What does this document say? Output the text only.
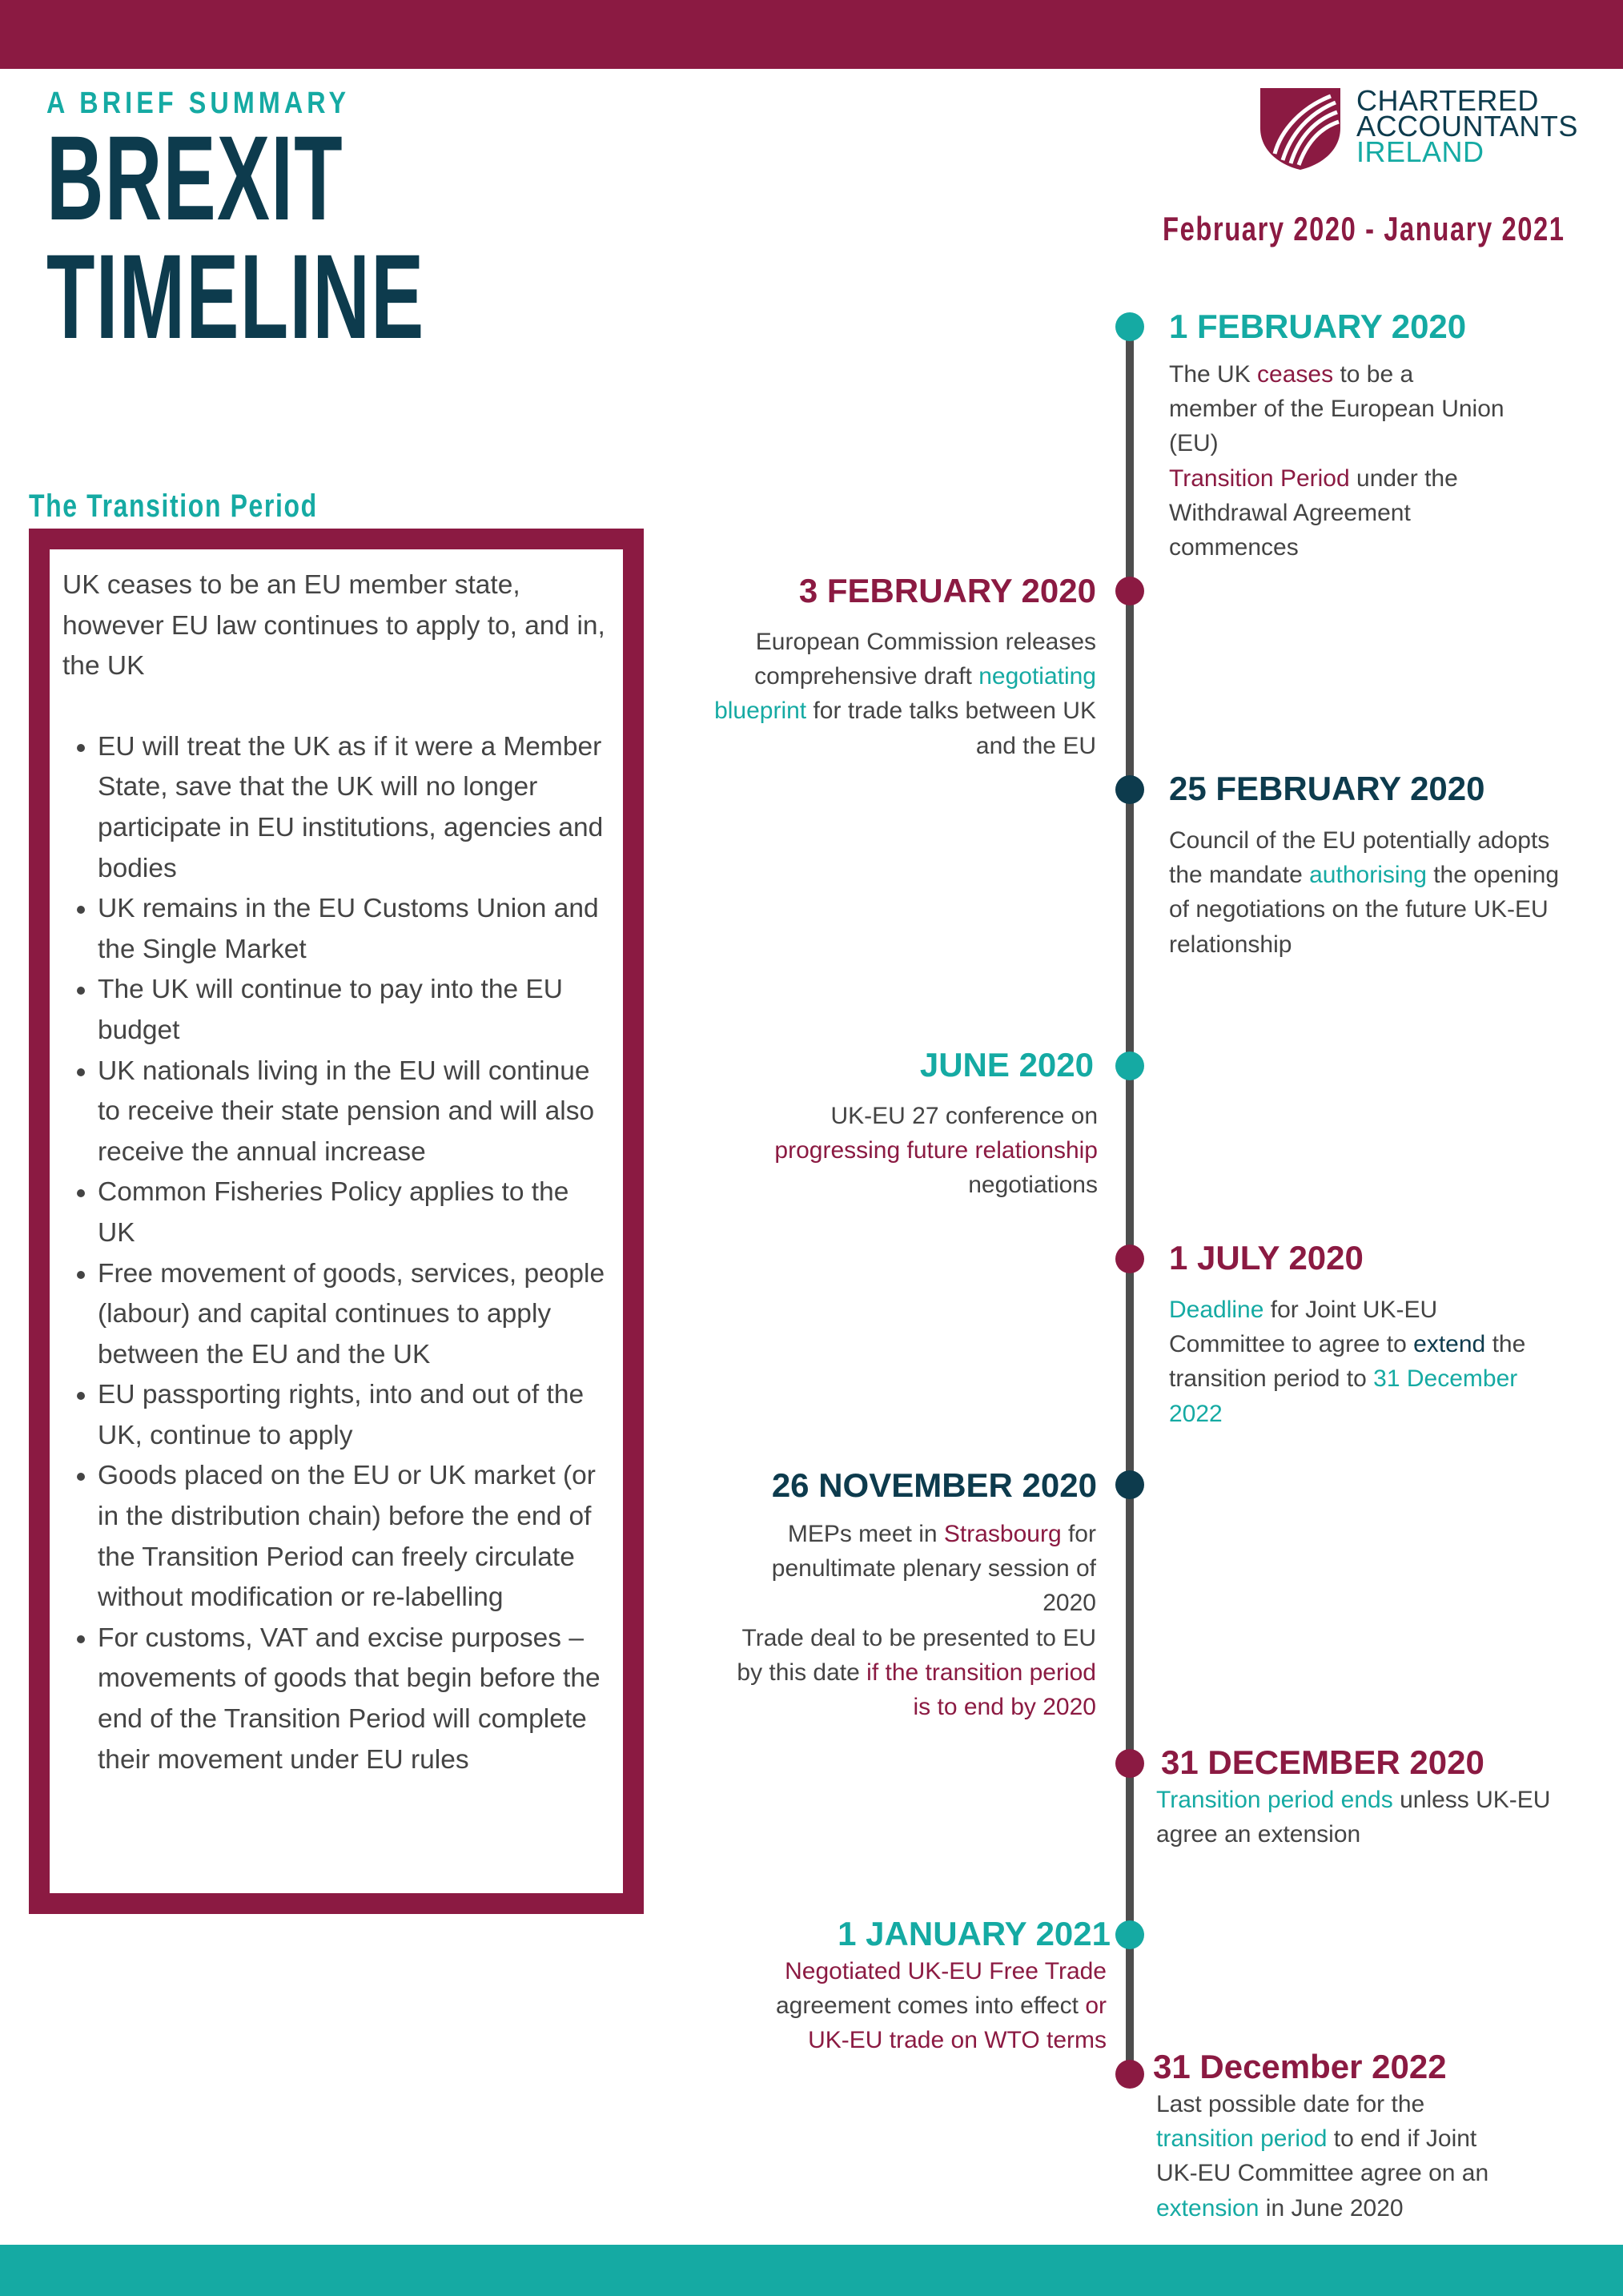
A BRIEF SUMMARY
BREXIT
TIMELINE
CHARTERED
ACCOUNTANTS
IRELAND
February 2020 - January 2021
The Transition Period

UK ceases to be an EU member state, however EU law continues to apply to, and in, the UK

• EU will treat the UK as if it were a Member State, save that the UK will no longer participate in EU institutions, agencies and bodies
• UK remains in the EU Customs Union and the Single Market
• The UK will continue to pay into the EU budget
• UK nationals living in the EU will continue to receive their state pension and will also receive the annual increase
• Common Fisheries Policy applies to the UK
• Free movement of goods, services, people (labour) and capital continues to apply between the EU and the UK
• EU passporting rights, into and out of the UK, continue to apply
• Goods placed on the EU or UK market (or in the distribution chain) before the end of the Transition Period can freely circulate without modification or re-labelling
• For customs, VAT and excise purposes – movements of goods that begin before the end of the Transition Period will complete their movement under EU rules
1 FEBRUARY 2020
The UK ceases to be a member of the European Union (EU)
Transition Period under the Withdrawal Agreement commences
3 FEBRUARY 2020
European Commission releases comprehensive draft negotiating blueprint for trade talks between UK and the EU
25 FEBRUARY 2020
Council of the EU potentially adopts the mandate authorising the opening of negotiations on the future UK-EU relationship
JUNE 2020
UK-EU 27 conference on progressing future relationship negotiations
1 JULY 2020
Deadline for Joint UK-EU Committee to agree to extend the transition period to 31 December 2022
26 NOVEMBER 2020
MEPs meet in Strasbourg for penultimate plenary session of 2020
Trade deal to be presented to EU by this date if the transition period is to end by 2020
31 DECEMBER 2020
Transition period ends unless UK-EU agree an extension
1 JANUARY 2021
Negotiated UK-EU Free Trade agreement comes into effect or UK-EU trade on WTO terms
31 December 2022
Last possible date for the transition period to end if Joint UK-EU Committee agree on an extension in June 2020
